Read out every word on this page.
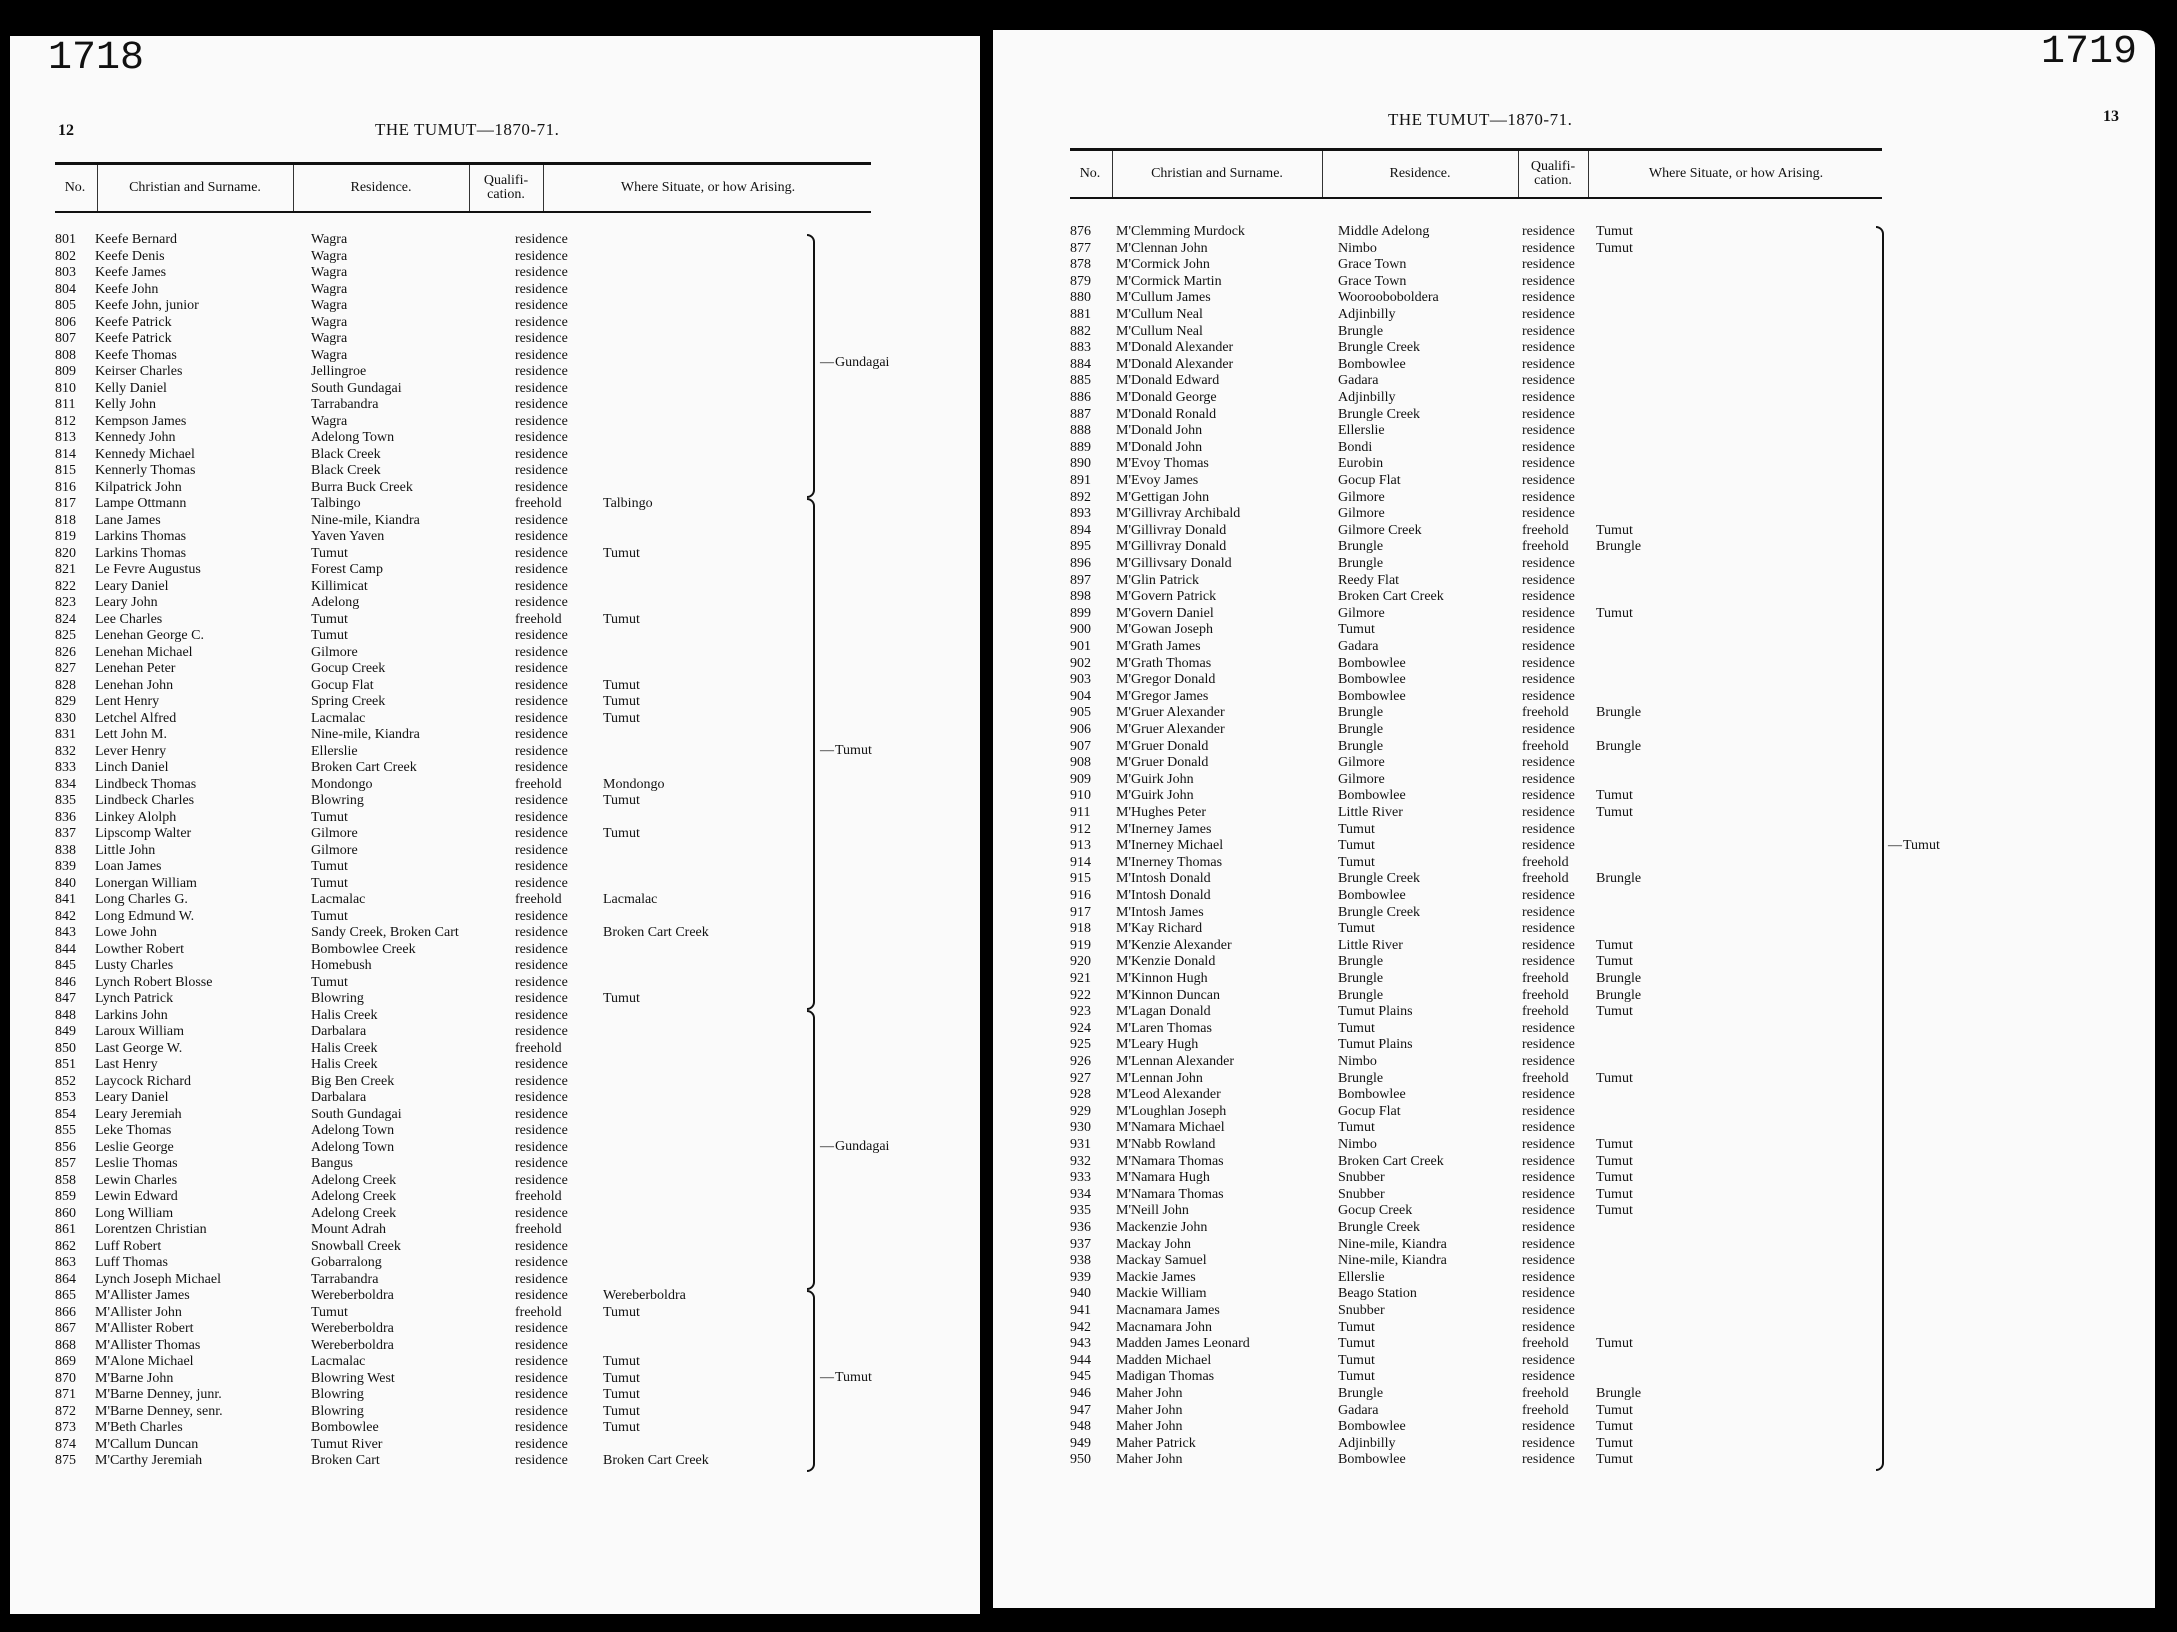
1718
12	THE TUMUT—1870-71.
No.	Christian and Surname.	Residence.	Qualifi-cation.	Where Situate, or how Arising.
801 Keefe Bernard	Wagra	residence
802 Keefe Denis	Wagra	residence
803 Keefe James	Wagra	residence
804 Keefe John	Wagra	residence
805 Keefe John, junior	Wagra	residence
806 Keefe Patrick	Wagra	residence
807 Keefe Patrick	Wagra	residence
808 Keefe Thomas	Wagra	residence
809 Keirser Charles	Jellingroe	residence
810 Kelly Daniel	South Gundagai	residence
811 Kelly John	Tarrabandra	residence
812 Kempson James	Wagra	residence
813 Kennedy John	Adelong Town	residence
814 Kennedy Michael	Black Creek	residence
815 Kennerly Thomas	Black Creek	residence
816 Kilpatrick John	Burra Buck Creek	residence
817 Lampe Ottmann	Talbingo	freehold	Talbingo
818 Lane James	Nine-mile, Kiandra	residence
819 Larkins Thomas	Yaven Yaven	residence
820 Larkins Thomas	Tumut	residence	Tumut
821 Le Fevre Augustus	Forest Camp	residence
822 Leary Daniel	Killimicat	residence
823 Leary John	Adelong	residence
824 Lee Charles	Tumut	freehold	Tumut
825 Lenehan George C.	Tumut	residence
826 Lenehan Michael	Gilmore	residence
827 Lenehan Peter	Gocup Creek	residence
828 Lenehan John	Gocup Flat	residence	Tumut
829 Lent Henry	Spring Creek	residence	Tumut
830 Letchel Alfred	Lacmalac	residence	Tumut
831 Lett John M.	Nine-mile, Kiandra	residence
832 Lever Henry	Ellerslie	residence
833 Linch Daniel	Broken Cart Creek	residence
834 Lindbeck Thomas	Mondongo	freehold	Mondongo
835 Lindbeck Charles	Blowring	residence	Tumut
836 Linkey Alolph	Tumut	residence
837 Lipscomp Walter	Gilmore	residence	Tumut
838 Little John	Gilmore	residence
839 Loan James	Tumut	residence
840 Lonergan William	Tumut	residence
841 Long Charles G.	Lacmalac	freehold	Lacmalac
842 Long Edmund W.	Tumut	residence
843 Lowe John	Sandy Creek, Broken Cart	residence	Broken Cart Creek
844 Lowther Robert	Bombowlee Creek	residence
845 Lusty Charles	Homebush	residence
846 Lynch Robert Blosse	Tumut	residence
847 Lynch Patrick	Blowring	residence	Tumut
848 Larkins John	Halis Creek	residence
849 Laroux William	Darbalara	residence
850 Last George W.	Halis Creek	freehold
851 Last Henry	Halis Creek	residence
852 Laycock Richard	Big Ben Creek	residence
853 Leary Daniel	Darbalara	residence
854 Leary Jeremiah	South Gundagai	residence
855 Leke Thomas	Adelong Town	residence
856 Leslie George	Adelong Town	residence
857 Leslie Thomas	Bangus	residence
858 Lewin Charles	Adelong Creek	residence
859 Lewin Edward	Adelong Creek	freehold
860 Long William	Adelong Creek	residence
861 Lorentzen Christian	Mount Adrah	freehold
862 Luff Robert	Snowball Creek	residence
863 Luff Thomas	Gobarralong	residence
864 Lynch Joseph Michael	Tarrabandra	residence
865 M'Allister James	Wereberboldra	residence	Wereberboldra
866 M'Allister John	Tumut	freehold	Tumut
867 M'Allister Robert	Wereberboldra	residence
868 M'Allister Thomas	Wereberboldra	residence
869 M'Alone Michael	Lacmalac	residence	Tumut
870 M'Barne John	Blowring West	residence	Tumut
871 M'Barne Denney, junr.	Blowring	residence	Tumut
872 M'Barne Denney, senr.	Blowring	residence	Tumut
873 M'Beth Charles	Bombowlee	residence	Tumut
874 M'Callum Duncan	Tumut River	residence
875 M'Carthy Jeremiah	Broken Cart	residence	Broken Cart Creek
— Gundagai
— Tumut
— Gundagai
— Tumut
1719
13
THE TUMUT—1870-71.
No.	Christian and Surname.	Residence.	Qualifi-cation.	Where Situate, or how Arising.
876 M'Clemming Murdock	Middle Adelong	residence Tumut
877 M'Clennan John	Nimbo	residence Tumut
878 M'Cormick John	Grace Town	residence
879 M'Cormick Martin	Grace Town	residence
880 M'Cullum James	Woorooboboldera	residence
881 M'Cullum Neal	Adjinbilly	residence
882 M'Cullum Neal	Brungle	residence
883 M'Donald Alexander	Brungle Creek	residence
884 M'Donald Alexander	Bombowlee	residence
885 M'Donald Edward	Gadara	residence
886 M'Donald George	Adjinbilly	residence
887 M'Donald Ronald	Brungle Creek	residence
888 M'Donald John	Ellerslie	residence
889 M'Donald John	Bondi	residence
890 M'Evoy Thomas	Eurobin	residence
891 M'Evoy James	Gocup Flat	residence
892 M'Gettigan John	Gilmore	residence
893 M'Gillivray Archibald	Gilmore	residence
894 M'Gillivray Donald	Gilmore Creek	freehold Tumut
895 M'Gillivray Donald	Brungle	freehold Brungle
896 M'Gillivsary Donald	Brungle	residence
897 M'Glin Patrick	Reedy Flat	residence
898 M'Govern Patrick	Broken Cart Creek	residence
899 M'Govern Daniel	Gilmore	residence Tumut
900 M'Gowan Joseph	Tumut	residence
901 M'Grath James	Gadara	residence
902 M'Grath Thomas	Bombowlee	residence
903 M'Gregor Donald	Bombowlee	residence
904 M'Gregor James	Bombowlee	residence
905 M'Gruer Alexander	Brungle	freehold Brungle
906 M'Gruer Alexander	Brungle	residence
907 M'Gruer Donald	Brungle	freehold Brungle
908 M'Gruer Donald	Gilmore	residence
909 M'Guirk John	Gilmore	residence
910 M'Guirk John	Bombowlee	residence Tumut
911 M'Hughes Peter	Little River	residence Tumut
912 M'Inerney James	Tumut	residence
913 M'Inerney Michael	Tumut	residence
914 M'Inerney Thomas	Tumut	freehold
915 M'Intosh Donald	Brungle Creek	freehold Brungle
916 M'Intosh Donald	Bombowlee	residence
917 M'Intosh James	Brungle Creek	residence
918 M'Kay Richard	Tumut	residence
919 M'Kenzie Alexander	Little River	residence Tumut
920 M'Kenzie Donald	Brungle	residence Tumut
921 M'Kinnon Hugh	Brungle	freehold Brungle
922 M'Kinnon Duncan	Brungle	freehold Brungle
923 M'Lagan Donald	Tumut Plains	freehold Tumut
924 M'Laren Thomas	Tumut	residence
925 M'Leary Hugh	Tumut Plains	residence
926 M'Lennan Alexander	Nimbo	residence
927 M'Lennan John	Brungle	freehold Tumut
928 M'Leod Alexander	Bombowlee	residence
929 M'Loughlan Joseph	Gocup Flat	residence
930 M'Namara Michael	Tumut	residence
931 M'Nabb Rowland	Nimbo	residence Tumut
932 M'Namara Thomas	Broken Cart Creek	residence Tumut
933 M'Namara Hugh	Snubber	residence Tumut
934 M'Namara Thomas	Snubber	residence Tumut
935 M'Neill John	Gocup Creek	residence Tumut
936 Mackenzie John	Brungle Creek	residence
937 Mackay John	Nine-mile, Kiandra	residence
938 Mackay Samuel	Nine-mile, Kiandra	residence
939 Mackie James	Ellerslie	residence
940 Mackie William	Beago Station	residence
941 Macnamara James	Snubber	residence
942 Macnamara John	Tumut	residence
943 Madden James Leonard	Tumut	freehold Tumut
944 Madden Michael	Tumut	residence
945 Madigan Thomas	Tumut	residence
946 Maher John	Brungle	freehold Brungle
947 Maher John	Gadara	freehold Tumut
948 Maher John	Bombowlee	residence Tumut
949 Maher Patrick	Adjinbilly	residence Tumut
950 Maher John	Bombowlee	residence Tumut
— Tumut
